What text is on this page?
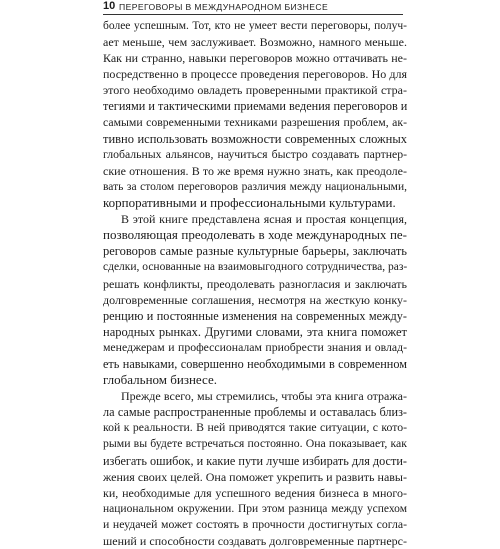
10 ПЕРЕГОВОРЫ В МЕЖДУНАРОДНОМ БИЗНЕСЕ
более успешным. Тот, кто не умеет вести переговоры, получ-
ает меньше, чем заслуживает. Возможно, намного меньше.
Как ни странно, навыки переговоров можно оттачивать не-
посредственно в процессе проведения переговоров. Но для
этого необходимо овладеть проверенными практикой стра-
тегиями и тактическими приемами ведения переговоров и
самыми современными техниками разрешения проблем, ак-
тивно использовать возможности современных сложных
глобальных альянсов, научиться быстро создавать партнер-
ские отношения. В то же время нужно знать, как преодоле-
вать за столом переговоров различия между национальными,
корпоративными и профессиональными культурами.
В этой книге представлена ясная и простая концепция,
позволяющая преодолевать в ходе международных пе-
реговоров самые разные культурные барьеры, заключать
сделки, основанные на взаимовыгодного сотрудничества, раз-
решать конфликты, преодолевать разногласия и заключать
долговременные соглашения, несмотря на жесткую конку-
ренцию и постоянные изменения на современных между-
народных рынках. Другими словами, эта книга поможет
менеджерам и профессионалам приобрести знания и овлад-
еть навыками, совершенно необходимыми в современном
глобальном бизнесе.
Прежде всего, мы стремились, чтобы эта книга отража-
ла самые распространенные проблемы и оставалась близ-
кой к реальности. В ней приводятся такие ситуации, с кото-
рыми вы будете встречаться постоянно. Она показывает, как
избегать ошибок, и какие пути лучше избирать для дости-
жения своих целей. Она поможет укрепить и развить навы-
ки, необходимые для успешного ведения бизнеса в много-
национальном окружении. При этом разница между успехом
и неудачей может состоять в прочности достигнутых согла-
шений и способности создавать долговременные партнерс-
